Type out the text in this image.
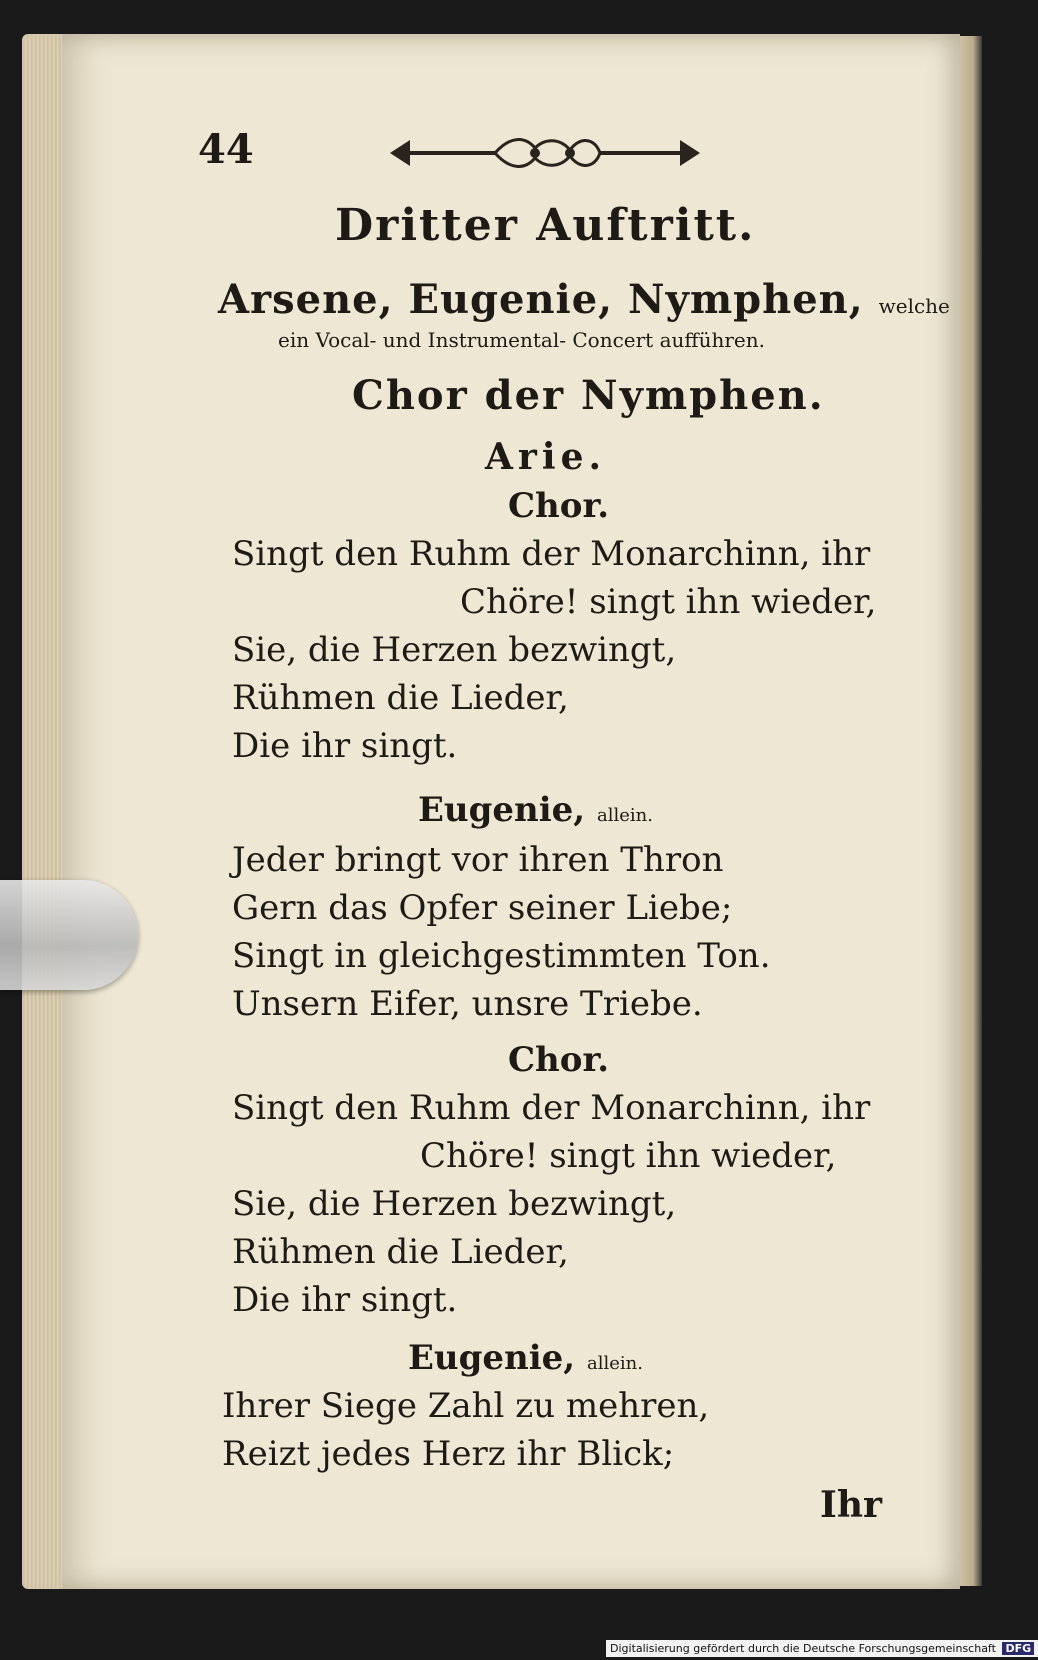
44
Dritter Auftritt.
Arsene, Eugenie, Nymphen, welche
ein Vocal- und Instrumental- Concert aufführen.
Chor der Nymphen.
Arie.
Chor.
Singt den Ruhm der Monarchinn, ihr
Chöre! singt ihn wieder,
Sie, die Herzen bezwingt,
Rühmen die Lieder,
Die ihr singt.
Eugenie, allein.
Jeder bringt vor ihren Thron
Gern das Opfer seiner Liebe;
Singt in gleichgestimmten Ton.
Unsern Eifer, unsre Triebe.
Chor.
Singt den Ruhm der Monarchinn, ihr
Chöre! singt ihn wieder,
Sie, die Herzen bezwingt,
Rühmen die Lieder,
Die ihr singt.
Eugenie, allein.
Ihrer Siege Zahl zu mehren,
Reizt jedes Herz ihr Blick;
Ihr
Digitalisierung gefördert durch die Deutsche Forschungsgemeinschaft DFG
